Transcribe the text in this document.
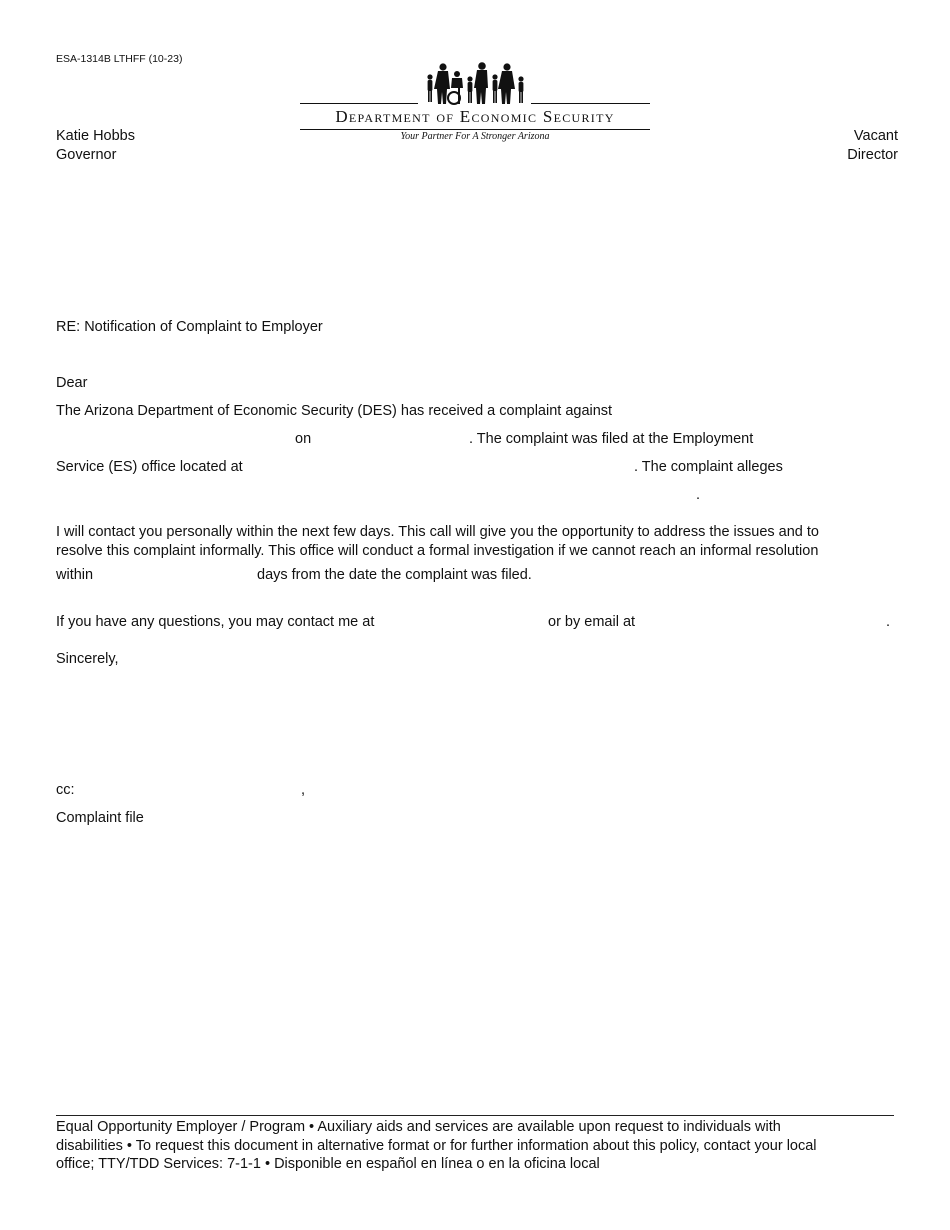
ESA-1314B LTHFF (10-23)
Department of Economic Security
Your Partner For A Stronger Arizona
Katie Hobbs
Governor
Vacant
Director
RE: Notification of Complaint to Employer
Dear
The Arizona Department of Economic Security (DES) has received a complaint against
on	. The complaint was filed at the Employment
Service (ES) office located at	. The complaint alleges
.
I will contact you personally within the next few days. This call will give you the opportunity to address the issues and to
resolve this complaint informally. This office will conduct a formal investigation if we cannot reach an informal resolution
within	days from the date the complaint was filed.
If you have any questions, you may contact me at	or by email at	.
Sincerely,
cc:	,
Complaint file
Equal Opportunity Employer / Program • Auxiliary aids and services are available upon request to individuals with
disabilities • To request this document in alternative format or for further information about this policy, contact your local
office; TTY/TDD Services: 7-1-1 • Disponible en español en línea o en la oficina local
